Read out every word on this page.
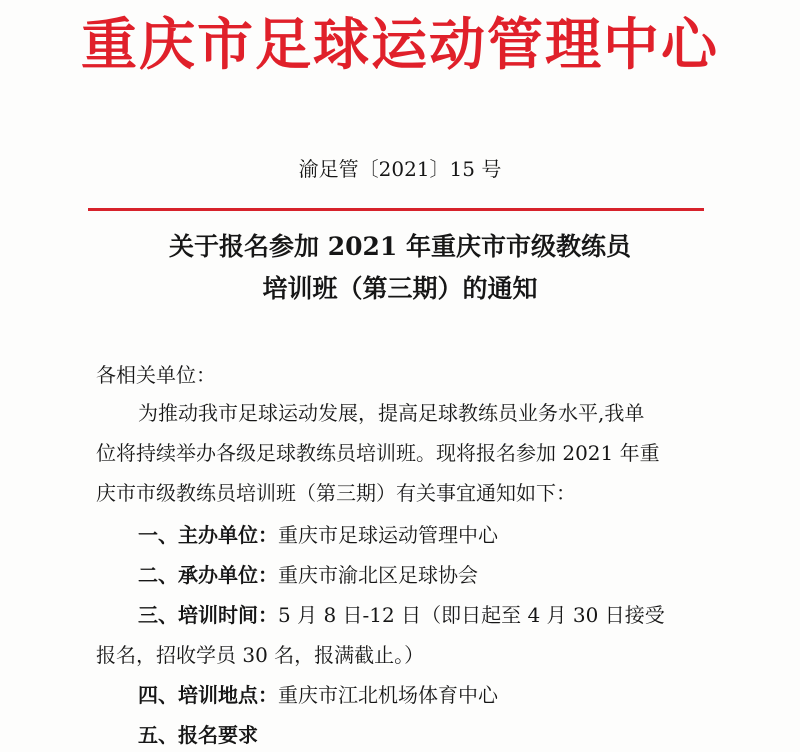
重庆市足球运动管理中心
渝足管〔2021〕15 号
关于报名参加 2021 年重庆市市级教练员
培训班（第三期）的通知
各相关单位：
为推动我市足球运动发展，提高足球教练员业务水平,我单
位将持续举办各级足球教练员培训班。现将报名参加 2021 年重
庆市市级教练员培训班（第三期）有关事宜通知如下：
一、主办单位：重庆市足球运动管理中心
二、承办单位：重庆市渝北区足球协会
三、培训时间：5 月 8 日-12 日（即日起至 4 月 30 日接受
报名，招收学员 30 名，报满截止。）
四、培训地点：重庆市江北机场体育中心
五、报名要求
